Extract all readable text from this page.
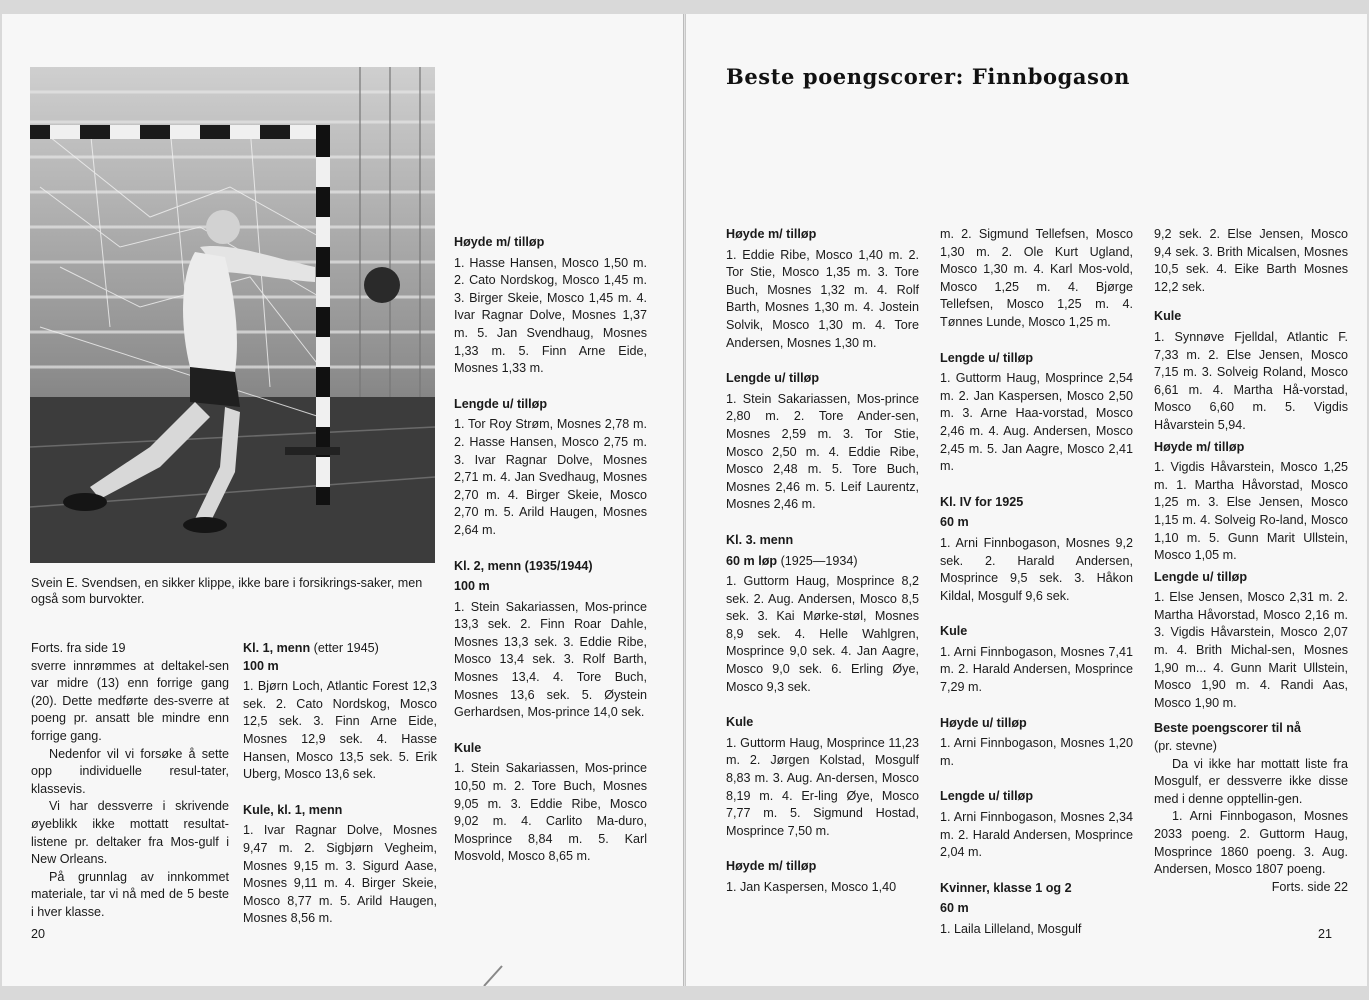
Svein E. Svendsen, en sikker klippe, ikke bare i forsikrings-saker, men også som burvokter.

Forts. fra side 19

sverre innrømmes at deltakel-sen var midre (13) enn forrige gang (20). Dette medførte des-sverre at poeng pr. ansatt ble mindre enn forrige gang.

Nedenfor vil vi forsøke å sette opp individuelle resul-tater, klassevis.

Vi har dessverre i skrivende øyeblikk ikke mottatt resultat-listene pr. deltaker fra Mos-gulf i New Orleans.

På grunnlag av innkommet materiale, tar vi nå med de 5 beste i hver klasse.

Kl. 1, menn (etter 1945)

100 m

1. Bjørn Loch, Atlantic Forest 12,3 sek. 2. Cato Nordskog, Mosco 12,5 sek. 3. Finn Arne Eide, Mosnes 12,9 sek. 4. Hasse Hansen, Mosco 13,5 sek. 5. Erik Uberg, Mosco 13,6 sek.

Kule, kl. 1, menn

1. Ivar Ragnar Dolve, Mosnes 9,47 m. 2. Sigbjørn Vegheim, Mosnes 9,15 m. 3. Sigurd Aase, Mosnes 9,11 m. 4. Birger Skeie, Mosco 8,77 m. 5. Arild Haugen, Mosnes 8,56 m.

Høyde m/ tilløp

1. Hasse Hansen, Mosco 1,50 m. 2. Cato Nordskog, Mosco 1,45 m. 3. Birger Skeie, Mosco 1,45 m. 4. Ivar Ragnar Dolve, Mosnes 1,37 m. 5. Jan Svendhaug, Mosnes 1,33 m. 5. Finn Arne Eide, Mosnes 1,33 m.

Lengde u/ tilløp

1. Tor Roy Strøm, Mosnes 2,78 m. 2. Hasse Hansen, Mosco 2,75 m. 3. Ivar Ragnar Dolve, Mosnes 2,71 m. 4. Jan Svedhaug, Mosnes 2,70 m. 4. Birger Skeie, Mosco 2,70 m. 5. Arild Haugen, Mosnes 2,64 m.

Kl. 2, menn (1935/1944)

100 m

1. Stein Sakariassen, Mos-prince 13,3 sek. 2. Finn Roar Dahle, Mosnes 13,3 sek. 3. Eddie Ribe, Mosco 13,4 sek. 3. Rolf Barth, Mosnes 13,4. 4. Tore Buch, Mosnes 13,6 sek. 5. Øystein Gerhardsen, Mos-prince 14,0 sek.

Kule

1. Stein Sakariassen, Mos-prince 10,50 m. 2. Tore Buch, Mosnes 9,05 m. 3. Eddie Ribe, Mosco 9,02 m. 4. Carlito Ma-duro, Mosprince 8,84 m. 5. Karl Mosvold, Mosco 8,65 m.

20
Beste poengscorer: Finnbogason

Høyde m/ tilløp

1. Eddie Ribe, Mosco 1,40 m. 2. Tor Stie, Mosco 1,35 m. 3. Tore Buch, Mosnes 1,32 m. 4. Rolf Barth, Mosnes 1,30 m. 4. Jostein Solvik, Mosco 1,30 m. 4. Tore Andersen, Mosnes 1,30 m.

Lengde u/ tilløp

1. Stein Sakariassen, Mos-prince 2,80 m. 2. Tore Ander-sen, Mosnes 2,59 m. 3. Tor Stie, Mosco 2,50 m. 4. Eddie Ribe, Mosco 2,48 m. 5. Tore Buch, Mosnes 2,46 m. 5. Leif Laurentz, Mosnes 2,46 m.

Kl. 3. menn

60 m løp (1925—1934)

1. Guttorm Haug, Mosprince 8,2 sek. 2. Aug. Andersen, Mosco 8,5 sek. 3. Kai Mørke-støl, Mosnes 8,9 sek. 4. Helle Wahlgren, Mosprince 9,0 sek. 4. Jan Aagre, Mosco 9,0 sek. 6. Erling Øye, Mosco 9,3 sek.

Kule

1. Guttorm Haug, Mosprince 11,23 m. 2. Jørgen Kolstad, Mosgulf 8,83 m. 3. Aug. An-dersen, Mosco 8,19 m. 4. Er-ling Øye, Mosco 7,77 m. 5. Sigmund Hostad, Mosprince 7,50 m.

Høyde m/ tilløp

1. Jan Kaspersen, Mosco 1,40

m. 2. Sigmund Tellefsen, Mosco 1,30 m. 2. Ole Kurt Ugland, Mosco 1,30 m. 4. Karl Mos-vold, Mosco 1,25 m. 4. Bjørge Tellefsen, Mosco 1,25 m. 4. Tønnes Lunde, Mosco 1,25 m.

Lengde u/ tilløp

1. Guttorm Haug, Mosprince 2,54 m. 2. Jan Kaspersen, Mosco 2,50 m. 3. Arne Haa-vorstad, Mosco 2,46 m. 4. Aug. Andersen, Mosco 2,45 m. 5. Jan Aagre, Mosco 2,41 m.

Kl. IV for 1925

60 m

1. Arni Finnbogason, Mosnes 9,2 sek. 2. Harald Andersen, Mosprince 9,5 sek. 3. Håkon Kildal, Mosgulf 9,6 sek.

Kule

1. Arni Finnbogason, Mosnes 7,41 m. 2. Harald Andersen, Mosprince 7,29 m.

Høyde u/ tilløp

1. Arni Finnbogason, Mosnes 1,20 m.

Lengde u/ tilløp

1. Arni Finnbogason, Mosnes 2,34 m. 2. Harald Andersen, Mosprince 2,04 m.

Kvinner, klasse 1 og 2

60 m

1. Laila Lilleland, Mosgulf

9,2 sek. 2. Else Jensen, Mosco 9,4 sek. 3. Brith Micalsen, Mosnes 10,5 sek. 4. Eike Barth Mosnes 12,2 sek.

Kule

1. Synnøve Fjelldal, Atlantic F. 7,33 m. 2. Else Jensen, Mosco 7,15 m. 3. Solveig Roland, Mosco 6,61 m. 4. Martha Hå-vorstad, Mosco 6,60 m. 5. Vigdis Håvarstein 5,94.

Høyde m/ tilløp

1. Vigdis Håvarstein, Mosco 1,25 m. 1. Martha Håvorstad, Mosco 1,25 m. 3. Else Jensen, Mosco 1,15 m. 4. Solveig Ro-land, Mosco 1,10 m. 5. Gunn Marit Ullstein, Mosco 1,05 m.

Lengde u/ tilløp

1. Else Jensen, Mosco 2,31 m. 2. Martha Håvorstad, Mosco 2,16 m. 3. Vigdis Håvarstein, Mosco 2,07 m. 4. Brith Michal-sen, Mosnes 1,90 m... 4. Gunn Marit Ullstein, Mosco 1,90 m. 4. Randi Aas, Mosco 1,90 m.

Beste poengscorer til nå

(pr. stevne)

Da vi ikke har mottatt liste fra Mosgulf, er dessverre ikke disse med i denne opptellin-gen.

1. Arni Finnbogason, Mosnes 2033 poeng. 2. Guttorm Haug, Mosprince 1860 poeng. 3. Aug. Andersen, Mosco 1807 poeng.

Forts. side 22

21
